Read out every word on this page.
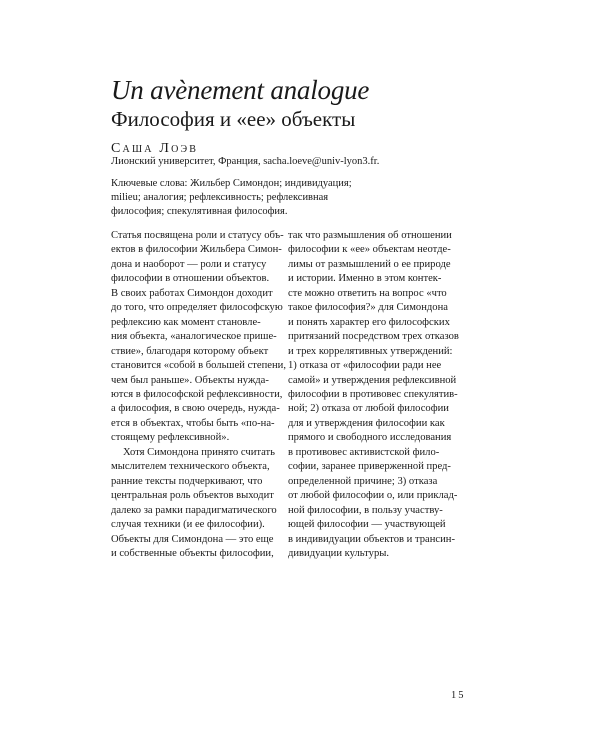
Un avènement analogue
Философия и «ее» объекты
Саша Лоэв
Лионский университет, Франция, sacha.loeve@univ-lyon3.fr.
Ключевые слова: Жильбер Симондон; индивидуация;
milieu; аналогия; рефлексивность; рефлексивная
философия; спекулятивная философия.
Статья посвящена роли и статусу объ-
ектов в философии Жильбера Симон-
дона и наоборот — роли и статусу
философии в отношении объектов.
В своих работах Симондон доходит
до того, что определяет философскую
рефлексию как момент становле-
ния объекта, «аналогическое прише-
ствие», благодаря которому объект
становится «собой в большей степени,
чем был раньше». Объекты нужда-
ются в философской рефлексивности,
а философия, в свою очередь, нужда-
ется в объектах, чтобы быть «по-на-
стоящему рефлексивной».
Хотя Симондона принято считать
мыслителем технического объекта,
ранние тексты подчеркивают, что
центральная роль объектов выходит
далеко за рамки парадигматического
случая техники (и ее философии).
Объекты для Симондона — это еще
и собственные объекты философии,
так что размышления об отношении
философии к «ее» объектам неотде-
лимы от размышлений о ее природе
и истории. Именно в этом контек-
сте можно ответить на вопрос «что
такое философия?» для Симондона
и понять характер его философских
притязаний посредством трех отказов
и трех коррелятивных утверждений:
1) отказа от «философии ради нее
самой» и утверждения рефлексивной
философии в противовес спекулятив-
ной; 2) отказа от любой философии
для и утверждения философии как
прямого и свободного исследования
в противовес активистской фило-
софии, заранее приверженной пред-
определенной причине; 3) отказа
от любой философии о, или приклад-
ной философии, в пользу участву-
ющей философии — участвующей
в индивидуации объектов и трансин-
дивидуации культуры.
15
